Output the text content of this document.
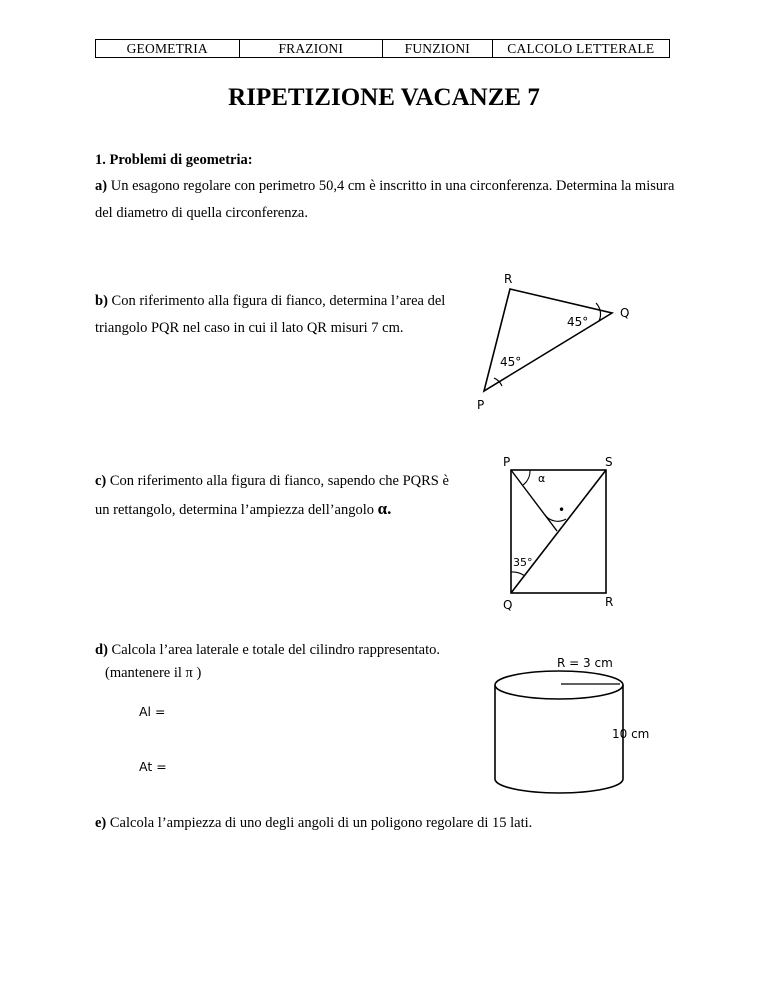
GEOMETRIA	FRAZIONI	FUNZIONI	CALCOLO LETTERALE
RIPETIZIONE VACANZE 7
1. Problemi di geometria:
a) Un esagono regolare con perimetro 50,4 cm è inscritto in una circonferenza. Determina la misura del diametro di quella circonferenza.
b) Con riferimento alla figura di fianco, determina l’area del triangolo PQR nel caso in cui il lato QR misuri 7 cm.
c) Con riferimento alla figura di fianco, sapendo che PQRS è un rettangolo, determina l’ampiezza dell’angolo α.
d) Calcola l’area laterale e totale del cilindro rappresentato.
(mantenere il π )
Al =
At =
e) Calcola l’ampiezza di uno degli angoli di un poligono regolare di 15 lati.
R
Q
P
45°
45°
P	S
Q	R
α
•
35°
R = 3 cm
10 cm
